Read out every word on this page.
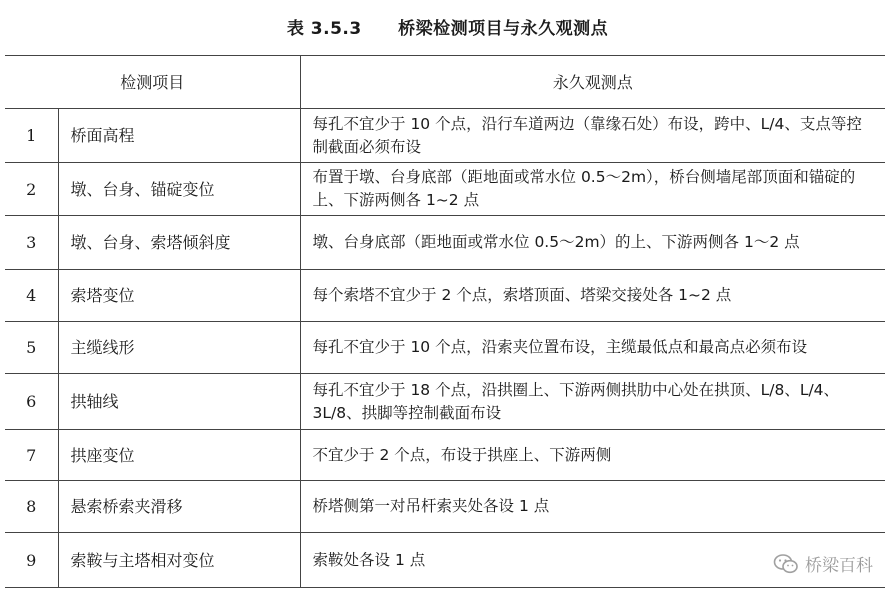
表 3.5.3 桥梁检测项目与永久观测点
检测项目		永久观测点
1	桥面高程	每孔不宜少于 10 个点，沿行车道两边（靠缘石处）布设，跨中、L/4、支点等控制截面必须布设
2	墩、台身、锚碇变位	布置于墩、台身底部（距地面或常水位 0.5～2m），桥台侧墙尾部顶面和锚碇的上、下游两侧各 1~2 点
3	墩、台身、索塔倾斜度	墩、台身底部（距地面或常水位 0.5～2m）的上、下游两侧各 1～2 点
4	索塔变位	每个索塔不宜少于 2 个点，索塔顶面、塔梁交接处各 1~2 点
5	主缆线形	每孔不宜少于 10 个点，沿索夹位置布设，主缆最低点和最高点必须布设
6	拱轴线	每孔不宜少于 18 个点，沿拱圈上、下游两侧拱肋中心处在拱顶、L/8、L/4、3L/8、拱脚等控制截面布设
7	拱座变位	不宜少于 2 个点，布设于拱座上、下游两侧
8	悬索桥索夹滑移	桥塔侧第一对吊杆索夹处各设 1 点
9	索鞍与主塔相对变位	索鞍处各设 1 点	桥梁百科
